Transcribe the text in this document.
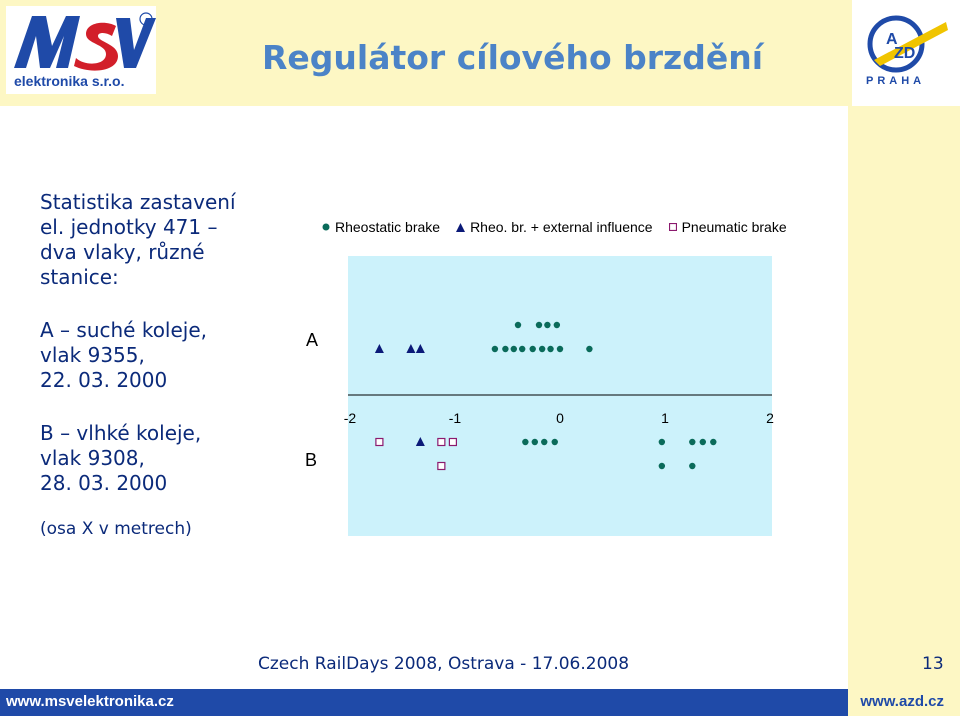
elektronika s.r.o.
Regulátor cílového brzdění	A
ZD
PRAHA

Statistika zastavení

el. jednotky 471 –

dva vlaky, různé

stanice:

A – suché koleje,
vlak 9355,
22. 03. 2000
B – vlhké koleje,
vlak 9308,
28. 03. 2000
(osa X v metrech)
Rheostatic brake Rheo. br. + external influence Pneumatic brake
A
B
-2	-1	0	1	2
Czech RailDays 2008, Ostrava - 17.06.2008	13
www.msvelektronika.cz	www.azd.cz
